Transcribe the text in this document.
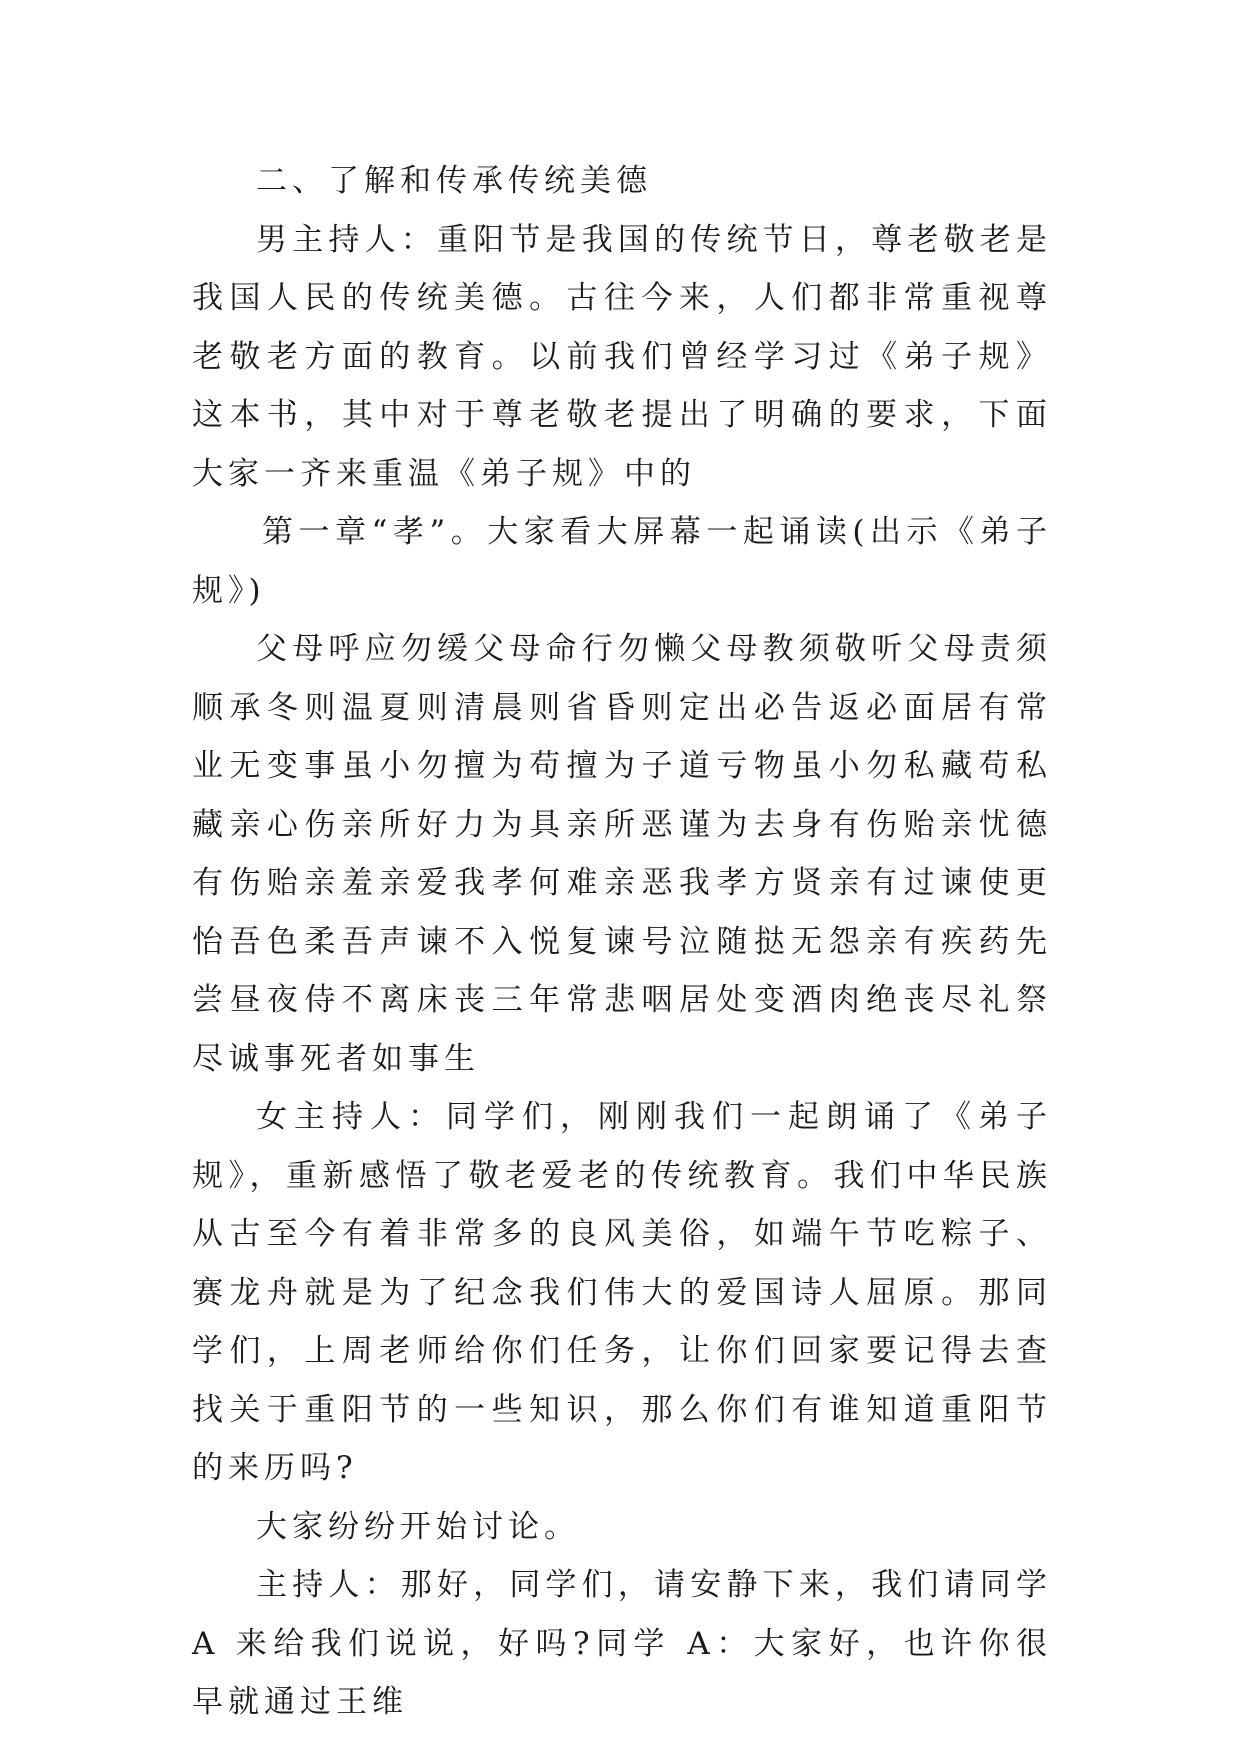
二、了解和传承传统美德

男主持人：重阳节是我国的传统节日，尊老敬老是我国人民的传统美德。古往今来，人们都非常重视尊老敬老方面的教育。以前我们曾经学习过《弟子规》这本书，其中对于尊老敬老提出了明确的要求，下面大家一齐来重温《弟子规》中的

第一章“孝”。大家看大屏幕一起诵读(出示《弟子规》)

父母呼应勿缓父母命行勿懒父母教须敬听父母责须顺承冬则温夏则清晨则省昏则定出必告返必面居有常业无变事虽小勿擅为苟擅为子道亏物虽小勿私藏苟私藏亲心伤亲所好力为具亲所恶谨为去身有伤贻亲忧德有伤贻亲羞亲爱我孝何难亲恶我孝方贤亲有过谏使更怡吾色柔吾声谏不入悦复谏号泣随挞无怨亲有疾药先尝昼夜侍不离床丧三年常悲咽居处变酒肉绝丧尽礼祭尽诚事死者如事生

女主持人：同学们，刚刚我们一起朗诵了《弟子规》，重新感悟了敬老爱老的传统教育。我们中华民族从古至今有着非常多的良风美俗，如端午节吃粽子、赛龙舟就是为了纪念我们伟大的爱国诗人屈原。那同学们，上周老师给你们任务，让你们回家要记得去查找关于重阳节的一些知识，那么你们有谁知道重阳节的来历吗?

大家纷纷开始讨论。

主持人：那好，同学们，请安静下来，我们请同学 A 来给我们说说，好吗?同学 A：大家好，也许你很早就通过王维
